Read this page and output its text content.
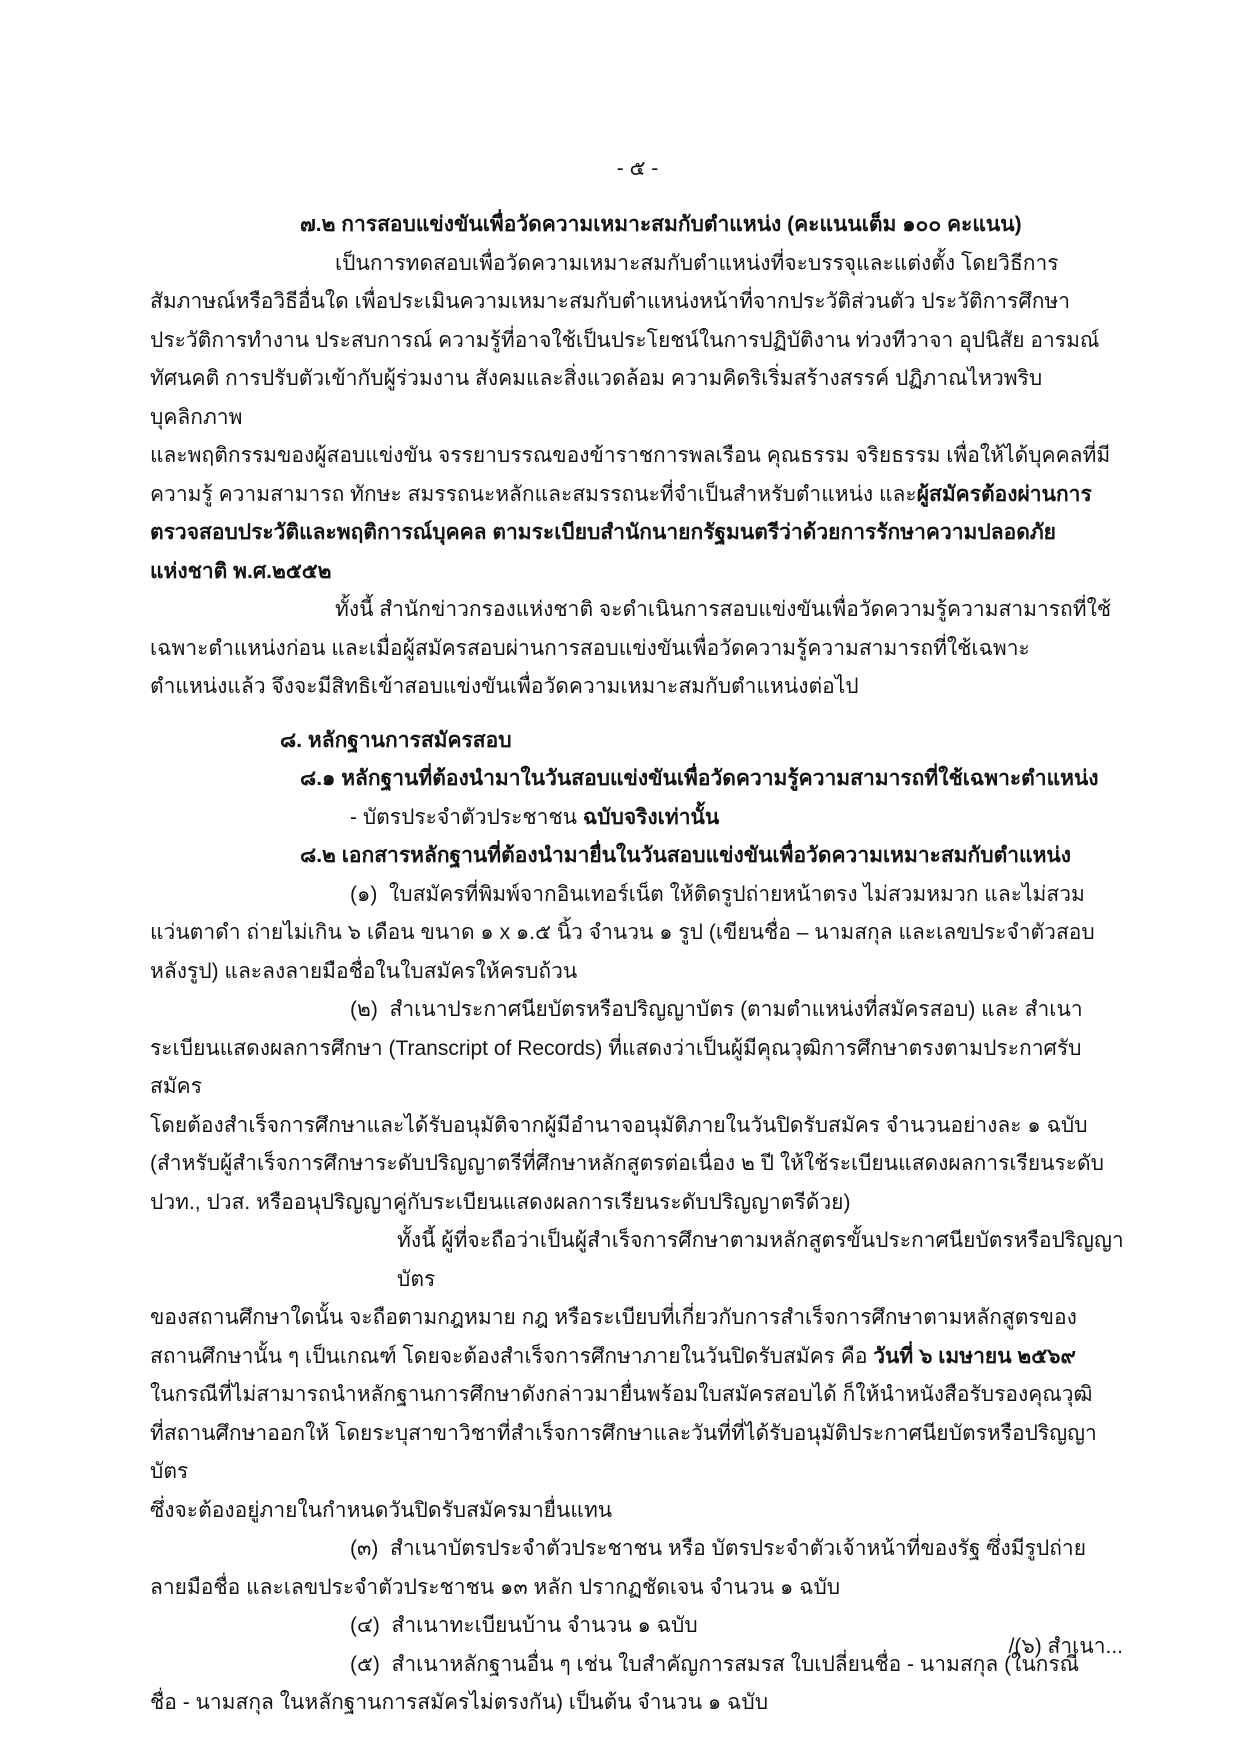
- ๕ -
๗.๒ การสอบแข่งขันเพื่อวัดความเหมาะสมกับตำแหน่ง (คะแนนเต็ม ๑๐๐ คะแนน)
เป็นการทดสอบเพื่อวัดความเหมาะสมกับตำแหน่งที่จะบรรจุและแต่งตั้ง โดยวิธีการ
สัมภาษณ์หรือวิธีอื่นใด เพื่อประเมินความเหมาะสมกับตำแหน่งหน้าที่จากประวัติส่วนตัว ประวัติการศึกษา
ประวัติการทำงาน ประสบการณ์ ความรู้ที่อาจใช้เป็นประโยชน์ในการปฏิบัติงาน ท่วงทีวาจา อุปนิสัย อารมณ์
ทัศนคติ การปรับตัวเข้ากับผู้ร่วมงาน สังคมและสิ่งแวดล้อม ความคิดริเริ่มสร้างสรรค์ ปฏิภาณไหวพริบ บุคลิกภาพ
และพฤติกรรมของผู้สอบแข่งขัน จรรยาบรรณของข้าราชการพลเรือน คุณธรรม จริยธรรม เพื่อให้ได้บุคคลที่มี
ความรู้ ความสามารถ ทักษะ สมรรถนะหลักและสมรรถนะที่จำเป็นสำหรับตำแหน่ง และผู้สมัครต้องผ่านการ
ตรวจสอบประวัติและพฤติการณ์บุคคล ตามระเบียบสำนักนายกรัฐมนตรีว่าด้วยการรักษาความปลอดภัย
แห่งชาติ พ.ศ.๒๕๕๒
ทั้งนี้ สำนักข่าวกรองแห่งชาติ จะดำเนินการสอบแข่งขันเพื่อวัดความรู้ความสามารถที่ใช้
เฉพาะตำแหน่งก่อน และเมื่อผู้สมัครสอบผ่านการสอบแข่งขันเพื่อวัดความรู้ความสามารถที่ใช้เฉพาะ
ตำแหน่งแล้ว จึงจะมีสิทธิเข้าสอบแข่งขันเพื่อวัดความเหมาะสมกับตำแหน่งต่อไป
๘. หลักฐานการสมัครสอบ
๘.๑ หลักฐานที่ต้องนำมาในวันสอบแข่งขันเพื่อวัดความรู้ความสามารถที่ใช้เฉพาะตำแหน่ง
- บัตรประจำตัวประชาชน ฉบับจริงเท่านั้น
๘.๒ เอกสารหลักฐานที่ต้องนำมายื่นในวันสอบแข่งขันเพื่อวัดความเหมาะสมกับตำแหน่ง
(๑)  ใบสมัครที่พิมพ์จากอินเทอร์เน็ต ให้ติดรูปถ่ายหน้าตรง ไม่สวมหมวก และไม่สวม
แว่นตาดำ ถ่ายไม่เกิน ๖ เดือน ขนาด ๑ x ๑.๕ นิ้ว จำนวน ๑ รูป (เขียนชื่อ – นามสกุล และเลขประจำตัวสอบ
หลังรูป) และลงลายมือชื่อในใบสมัครให้ครบถ้วน
(๒)  สำเนาประกาศนียบัตรหรือปริญญาบัตร (ตามตำแหน่งที่สมัครสอบ) และ สำเนา
ระเบียนแสดงผลการศึกษา (Transcript of Records) ที่แสดงว่าเป็นผู้มีคุณวุฒิการศึกษาตรงตามประกาศรับสมัคร
โดยต้องสำเร็จการศึกษาและได้รับอนุมัติจากผู้มีอำนาจอนุมัติภายในวันปิดรับสมัคร จำนวนอย่างละ ๑ ฉบับ
(สำหรับผู้สำเร็จการศึกษาระดับปริญญาตรีที่ศึกษาหลักสูตรต่อเนื่อง ๒ ปี ให้ใช้ระเบียนแสดงผลการเรียนระดับ
ปวท., ปวส. หรืออนุปริญญาคู่กับระเบียนแสดงผลการเรียนระดับปริญญาตรีด้วย)
ทั้งนี้ ผู้ที่จะถือว่าเป็นผู้สำเร็จการศึกษาตามหลักสูตรขั้นประกาศนียบัตรหรือปริญญาบัตร
ของสถานศึกษาใดนั้น จะถือตามกฎหมาย กฎ หรือระเบียบที่เกี่ยวกับการสำเร็จการศึกษาตามหลักสูตรของ
สถานศึกษานั้น ๆ เป็นเกณฑ์ โดยจะต้องสำเร็จการศึกษาภายในวันปิดรับสมัคร คือ วันที่ ๖ เมษายน ๒๕๖๙
ในกรณีที่ไม่สามารถนำหลักฐานการศึกษาดังกล่าวมายื่นพร้อมใบสมัครสอบได้ ก็ให้นำหนังสือรับรองคุณวุฒิ
ที่สถานศึกษาออกให้ โดยระบุสาขาวิชาที่สำเร็จการศึกษาและวันที่ที่ได้รับอนุมัติประกาศนียบัตรหรือปริญญาบัตร
ซึ่งจะต้องอยู่ภายในกำหนดวันปิดรับสมัครมายื่นแทน
(๓)  สำเนาบัตรประจำตัวประชาชน หรือ บัตรประจำตัวเจ้าหน้าที่ของรัฐ ซึ่งมีรูปถ่าย
ลายมือชื่อ และเลขประจำตัวประชาชน ๑๓ หลัก ปรากฏชัดเจน จำนวน ๑ ฉบับ
(๔)  สำเนาทะเบียนบ้าน จำนวน ๑ ฉบับ
(๕)  สำเนาหลักฐานอื่น ๆ เช่น ใบสำคัญการสมรส ใบเปลี่ยนชื่อ - นามสกุล (ในกรณี
ชื่อ - นามสกุล ในหลักฐานการสมัครไม่ตรงกัน) เป็นต้น จำนวน ๑ ฉบับ
/(๖) สำเนา...
